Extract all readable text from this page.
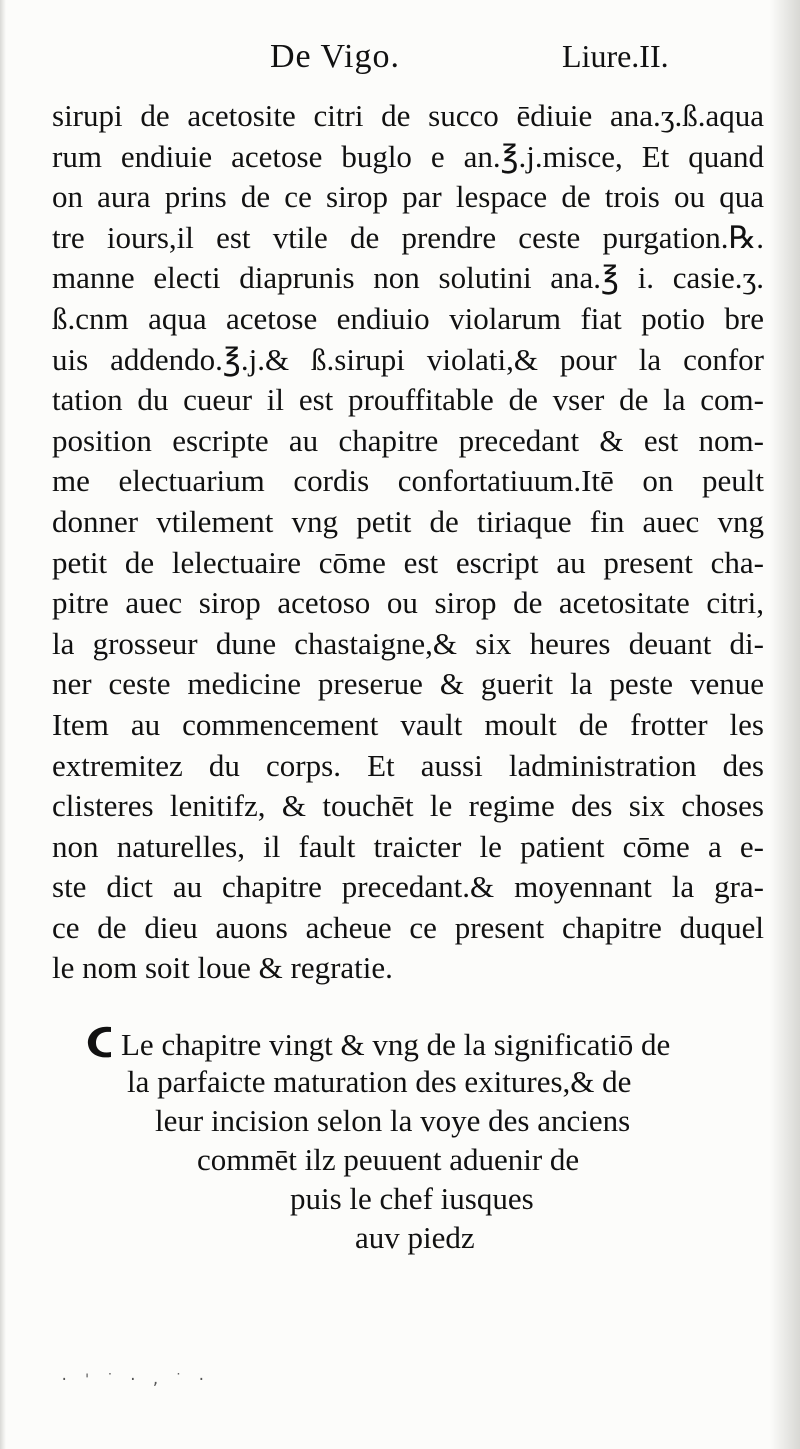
De Vigo.	Liure.II.
sirupi de acetosite citri de succo ēdiuie ana.ʒ.ß.aqua
rum endiuie acetose buglo e an.℥.j.misce, Et quand
on aura prins de ce sirop par lespace de trois ou qua
tre iours,il est vtile de prendre ceste purgation.℞.
manne electi diaprunis non solutini ana.℥ i. casie.ʒ.
ß.cnm aqua acetose endiuio violarum fiat potio bre
uis addendo.℥.j.& ß.sirupi violati,& pour la confor
tation du cueur il est prouffitable de vser de la com-
position escripte au chapitre precedant & est nom-
me electuarium cordis confortatiuum.Itē on peult
donner vtilement vng petit de tiriaque fin auec vng
petit de lelectuaire cōme est escript au present cha-
pitre auec sirop acetoso ou sirop de acetositate citri,
la grosseur dune chastaigne,& six heures deuant di-
ner ceste medicine preserue & guerit la peste venue
Item au commencement vault moult de frotter les
extremitez du corps. Et aussi ladministration des
clisteres lenitifz, & touchēt le regime des six choses
non naturelles, il fault traicter le patient cōme a e-
ste dict au chapitre precedant.& moyennant la gra-
ce de dieu auons acheue ce present chapitre duquel
le nom soit loue & regratie.
Le chapitre vingt & vng de la significatiō de
la parfaicte maturation des exitures,& de
leur incision selon la voye des anciens
commēt ilz peuuent aduenir de
puis le chef iusques
auv piedz
· ' ˙ · , ˙ ·
